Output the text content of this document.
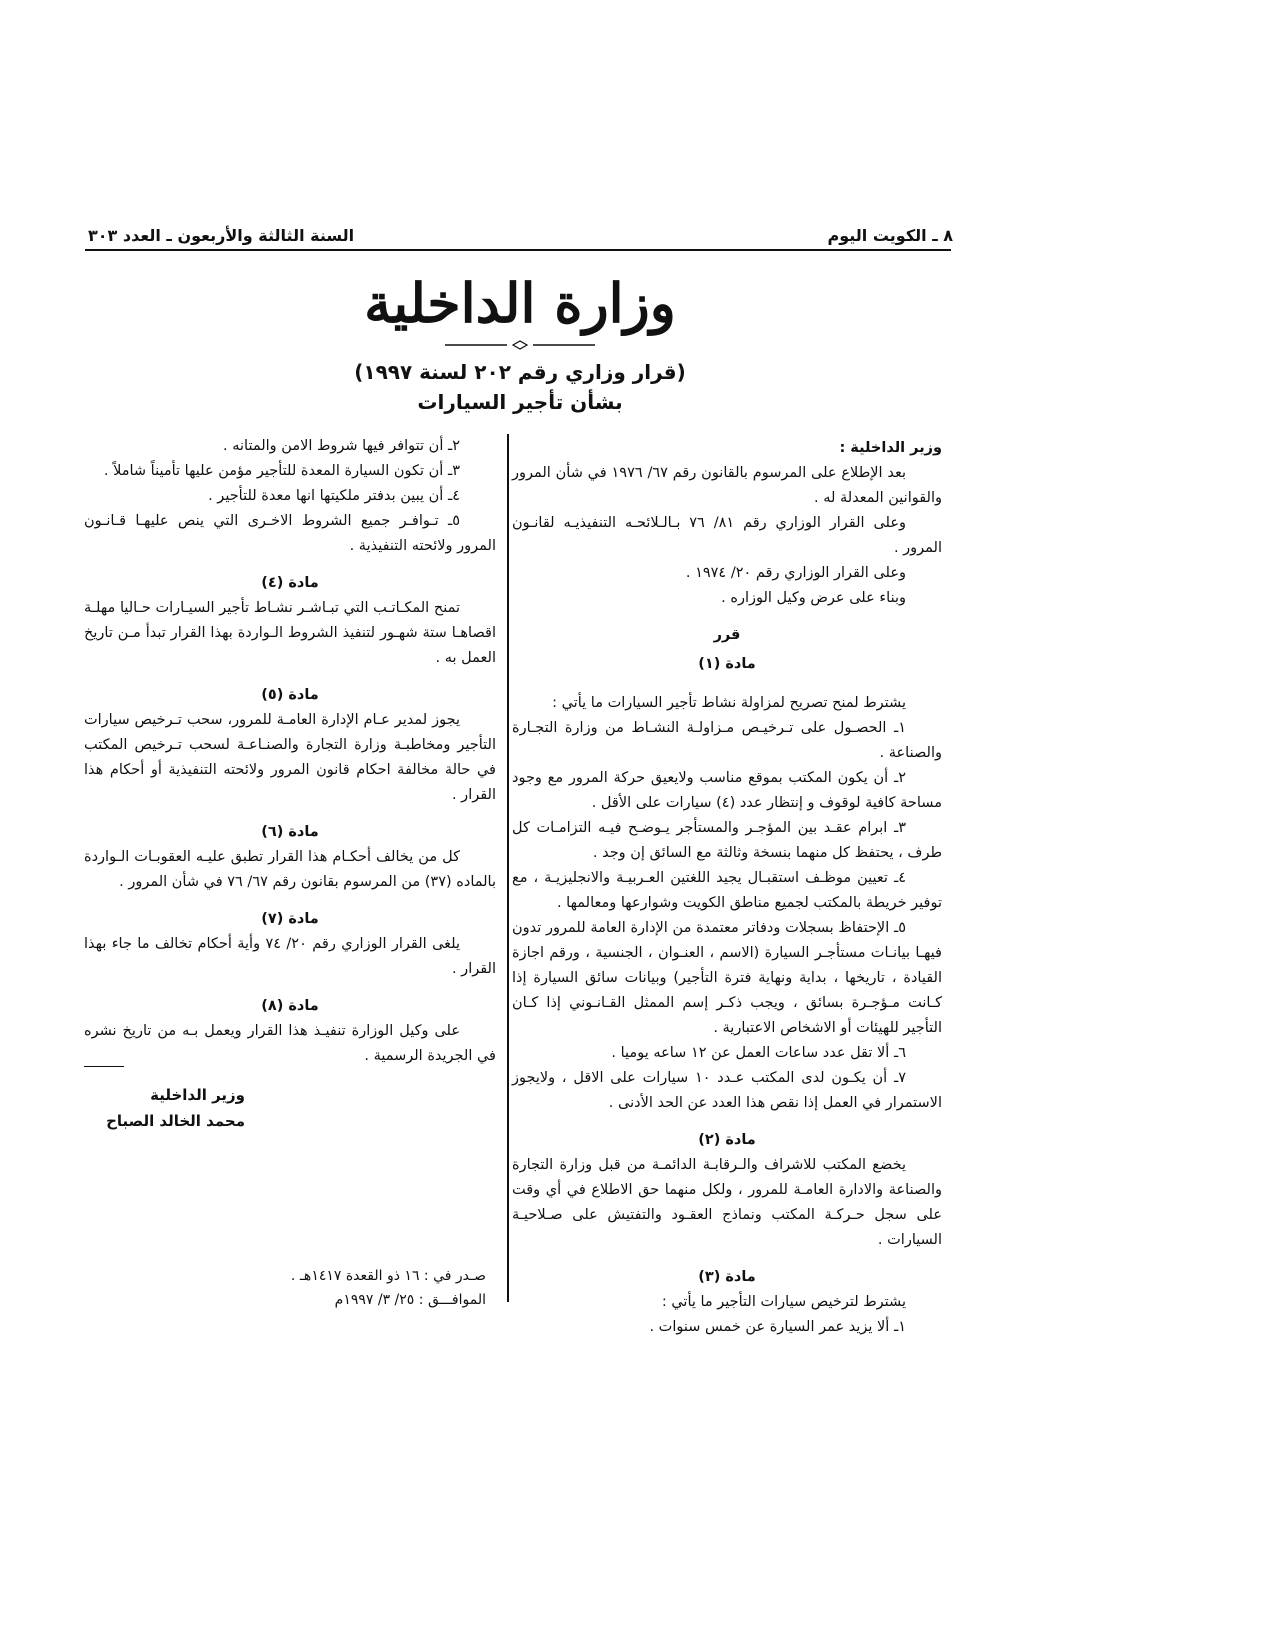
السنة الثالثة والأربعون ـ العدد ٣٠٣	٨ ـ الكويت اليوم
وزارة الداخلية
(قرار وزاري رقم ٢٠٢ لسنة ١٩٩٧)
بشأن تأجير السيارات

وزير الداخلية :

بعد الإطلاع على المرسوم بالقانون رقم ٦٧/ ١٩٧٦ في شأن المرور والقوانين المعدلة له .

وعلى القرار الوزاري رقم ٨١/ ٧٦ بـالـلائحـه التنفيذيـه لقانـون المرور .

وعلى القرار الوزاري رقم ٢٠/ ١٩٧٤ .

وبناء على عرض وكيل الوزاره .

قرر

مادة (١)

يشترط لمنح تصريح لمزاولة نشاط تأجير السيارات ما يأتي :

١ـ الحصـول على تـرخيـص مـزاولـة النشـاط من وزارة التجـارة والصناعة .

٢ـ أن يكون المكتب بموقع مناسب ولايعيق حركة المرور مع وجود مساحة كافية لوقوف و إنتظار عدد (٤) سيارات على الأقل .

٣ـ ابرام عقـد بين المؤجـر والمستأجر يـوضـح فيـه التزامـات كل طرف ، يحتفظ كل منهما بنسخة وثالثة مع السائق إن وجد .

٤ـ تعيين موظـف استقبـال يجيد اللغتين العـربيـة والانجليزيـة ، مع توفير خريطة بالمكتب لجميع مناطق الكويت وشوارعها ومعالمها .

٥ـ الإحتفاظ بسجلات ودفاتر معتمدة من الإدارة العامة للمرور تدون فيهـا بيانـات مستأجـر السيارة (الاسم ، العنـوان ، الجنسية ، ورقم اجازة القيادة ، تاريخها ، بداية ونهاية فترة التأجير) وبيانات سائق السيارة إذا كـانت مـؤجـرة بسائق ، ويجب ذكـر إسم الممثل القـانـوني إذا كـان التأجير للهيئات أو الاشخاص الاعتبارية .

٦ـ ألا تقل عدد ساعات العمل عن ١٢ ساعه يوميا .

٧ـ أن يكـون لدى المكتب عـدد ١٠ سيارات على الاقل ، ولايجوز الاستمرار في العمل إذا نقص هذا العدد عن الحد الأدنى .

مادة (٢)

يخضع المكتب للاشراف والـرقابـة الدائمـة من قبل وزارة التجارة والصناعة والادارة العامـة للمرور ، ولكل منهما حق الاطلاع في أي وقت على سجل حـركـة المكتب ونماذج العقـود والتفتيش على صـلاحيـة السيارات .

مادة (٣)

يشترط لترخيص سيارات التأجير ما يأتي :

١ـ ألا يزيد عمر السيارة عن خمس سنوات .

٢ـ أن تتوافر فيها شروط الامن والمتانه .

٣ـ أن تكون السيارة المعدة للتأجير مؤمن عليها تأميناً شاملاً .

٤ـ أن يبين بدفتر ملكيتها انها معدة للتأجير .

٥ـ تـوافـر جميع الشروط الاخـرى التي ينص عليهـا قـانـون المرور ولائحته التنفيذية .

مادة (٤)

تمنح المكـاتـب التي تبـاشـر نشـاط تأجير السيـارات حـاليا مهلـة اقصاهـا ستة شهـور لتنفيذ الشروط الـواردة بهذا القرار تبدأ مـن تاريخ العمل به .

مادة (٥)

يجوز لمدير عـام الإدارة العامـة للمرور، سحب تـرخيص سيارات التأجير ومخاطبـة وزارة التجارة والصنـاعـة لسحب تـرخيص المكتب في حالة مخالفة احكام قانون المرور ولائحته التنفيذية أو أحكام هذا القرار .

مادة (٦)

كل من يخالف أحكـام هذا القرار تطبق عليـه العقوبـات الـواردة بالماده (٣٧) من المرسوم بقانون رقم ٦٧/ ٧٦ في شأن المرور .

مادة (٧)

يلغى القرار الوزاري رقم ٢٠/ ٧٤ وأية أحكام تخالف ما جاء بهذا القرار .

مادة (٨)

على وكيل الوزارة تنفيـذ هذا القرار ويعمل بـه من تاريخ نشره في الجريدة الرسمية .

وزير الداخلية
محمد الخالد الصباح
صـدر في : ١٦ ذو القعدة ١٤١٧هـ .
الموافـــق : ٢٥/ ٣/ ١٩٩٧م
